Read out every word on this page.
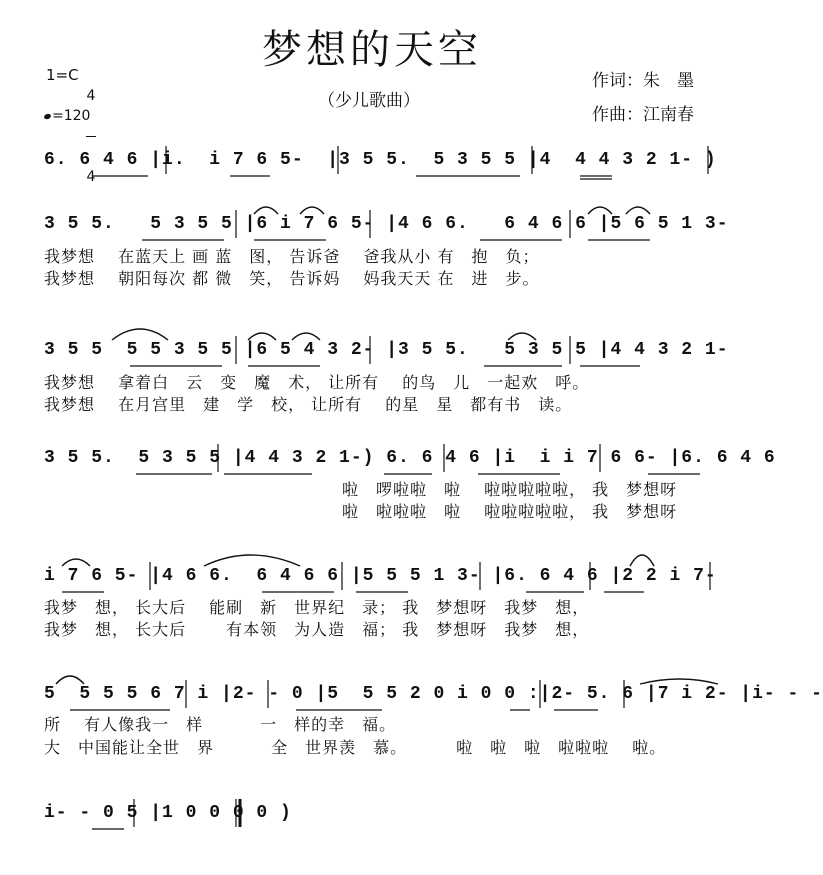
梦想的天空
（少儿歌曲）
作词：朱　墨
作曲：江南春
1=C

4

4

=120
6. 6 4 6 |i.  i 7 6 5-  |3 5 5.  5 3 5 5 |4  4 4 3 2 1- )
3 5 5.   5 3 5 5 |6 i 7 6 5- |4 6 6.   6 4 6 6 |5 6 5 1 3-
我梦想　 在蓝天上 画 蓝　图， 告诉爸　 爸我从小 有　抱　负；
我梦想　 朝阳每次 都 微　笑， 告诉妈　 妈我天天 在　进　步。
3 5 5  5 5 3 5 5 |6 5 4 3 2- |3 5 5.   5 3 5 5 |4 4 3 2 1-
我梦想　 拿着白　云　变　魔　术， 让所有　 的鸟　儿　一起欢　呼。
我梦想　 在月宫里　建　学　校， 让所有　 的星　星　都有书　读。
3 5 5.  5 3 5 5 |4 4 3 2 1-) 6. 6 4 6 |i  i i 7 6 6- |6. 6 4 6
啦　啰啦啦　啦　 啦啦啦啦啦， 我　梦想呀
啦　啦啦啦　啦　 啦啦啦啦啦， 我　梦想呀
i 7 6 5- |4 6 6.  6 4 6 6 |5 5 5 1 3- |6. 6 4 6 |2 2 i 7-
我梦　想， 长大后　 能刷　新　世界纪　录； 我　梦想呀　我梦　想，
我梦　想， 长大后　　 有本领　为人造　福； 我　梦想呀　我梦　想，
5  5 5 5 6 7 i |2- - 0 |5  5 5 2 0 i 0 0 :|2- 5. 6 |7 i 2- |i- - -
所　 有人像我一　样　　　 一　样的幸　福。
大　中国能让全世　界　　　 全　世界羡　慕。　　　 啦　啦　啦　啦啦啦　 啦。
i- - 0 5 |1 0 0 0 0 )
